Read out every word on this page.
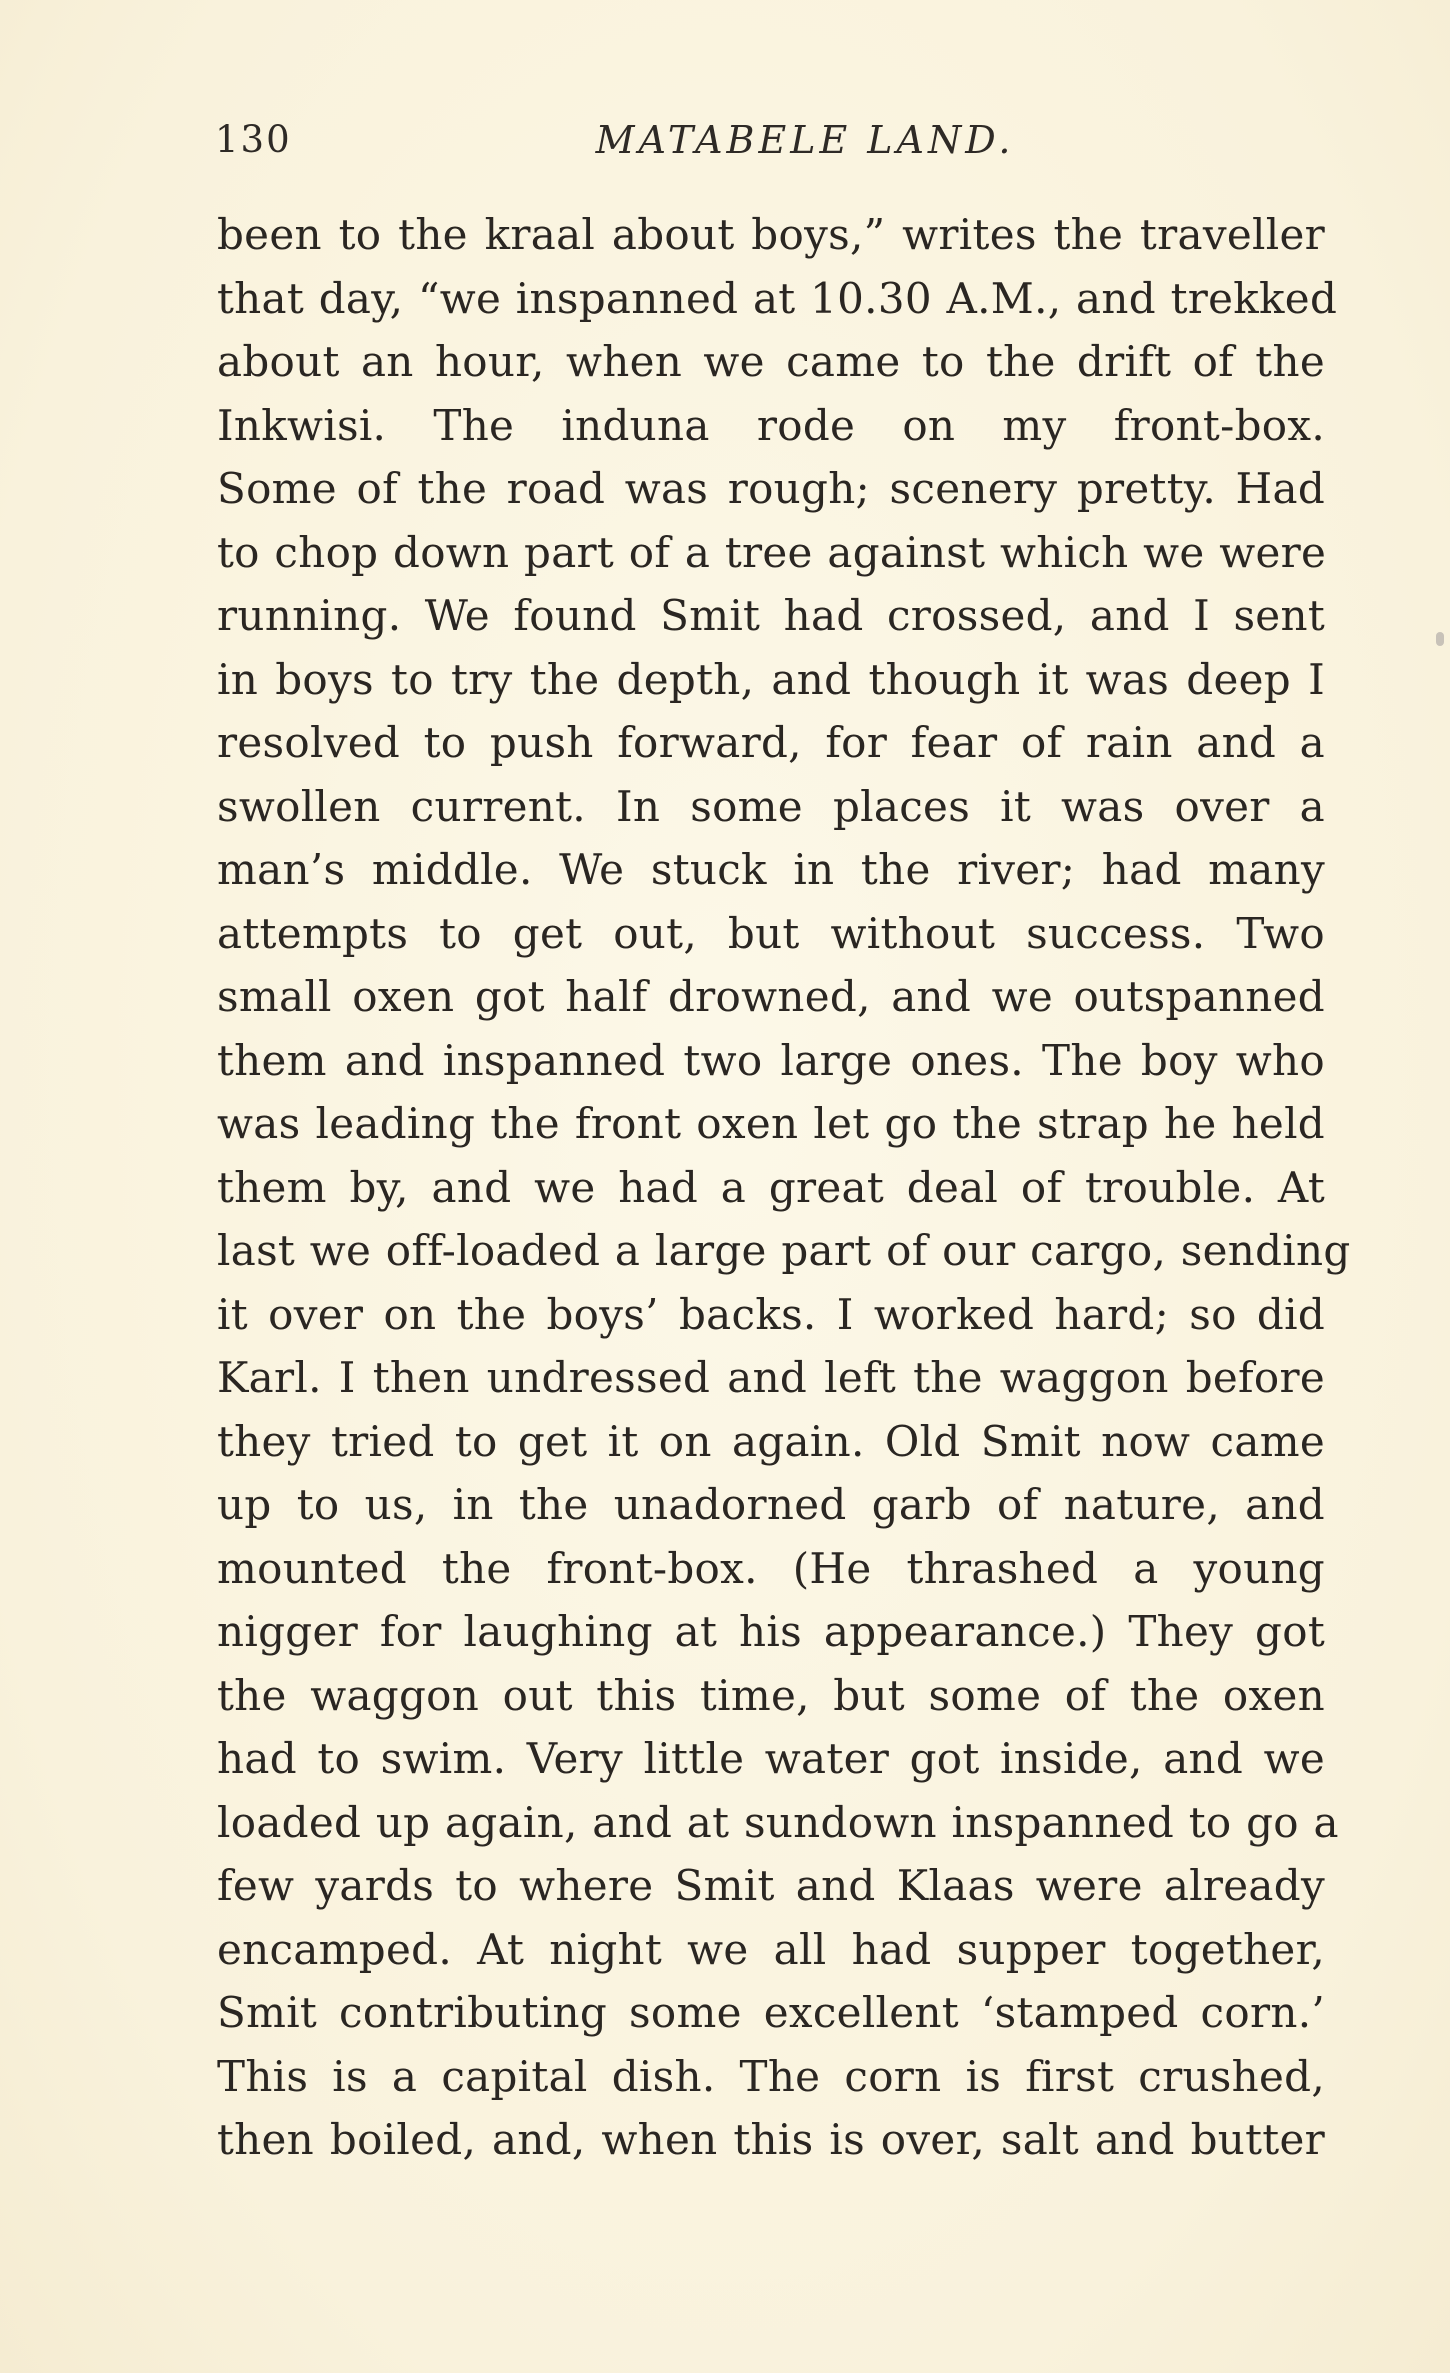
130	MATABELE LAND.
been to the kraal about boys,” writes the traveller
that day, “we inspanned at 10.30 A.M., and trekked
about an hour, when we came to the drift of the
Inkwisi. The induna rode on my front-box.
Some of the road was rough; scenery pretty. Had
to chop down part of a tree against which we were
running. We found Smit had crossed, and I sent
in boys to try the depth, and though it was deep I
resolved to push forward, for fear of rain and a
swollen current. In some places it was over a
man’s middle. We stuck in the river; had many
attempts to get out, but without success. Two
small oxen got half drowned, and we outspanned
them and inspanned two large ones. The boy who
was leading the front oxen let go the strap he held
them by, and we had a great deal of trouble. At
last we off-loaded a large part of our cargo, sending
it over on the boys’ backs. I worked hard; so did
Karl. I then undressed and left the waggon before
they tried to get it on again. Old Smit now came
up to us, in the unadorned garb of nature, and
mounted the front-box. (He thrashed a young
nigger for laughing at his appearance.) They got
the waggon out this time, but some of the oxen
had to swim. Very little water got inside, and we
loaded up again, and at sundown inspanned to go a
few yards to where Smit and Klaas were already
encamped. At night we all had supper together,
Smit contributing some excellent ‘stamped corn.’
This is a capital dish. The corn is first crushed,
then boiled, and, when this is over, salt and butter
